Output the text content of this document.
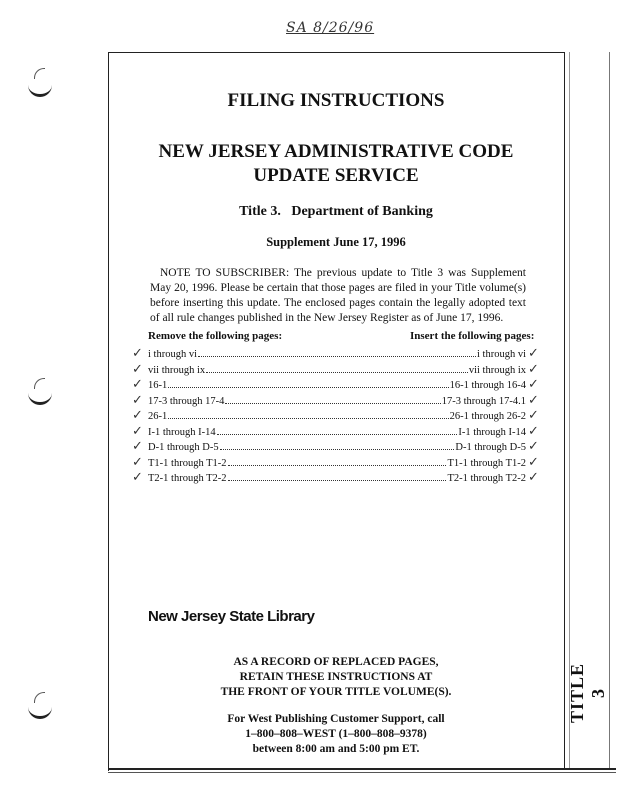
TITLE 3
SA 8/26/96
FILING INSTRUCTIONS
NEW JERSEY ADMINISTRATIVE CODE
UPDATE SERVICE
Title 3.   Department of Banking
Supplement June 17, 1996
NOTE TO SUBSCRIBER: The previous update to Title 3 was Supplement May 20, 1996. Please be certain that those pages are filed in your Title volume(s) before inserting this update. The enclosed pages contain the legally adopted text of all rule changes published in the New Jersey Register as of June 17, 1996.
Remove the following pages:	Insert the following pages:
i through vi	i through vi
✓	✓
vii through ix	vii through ix
✓	✓
16-1	16-1 through 16-4
✓	✓
17-3 through 17-4	17-3 through 17-4.1
✓	✓
26-1	26-1 through 26-2
✓	✓
I-1 through I-14	I-1 through I-14
✓	✓
D-1 through D-5	D-1 through D-5
✓	✓
T1-1 through T1-2	T1-1 through T1-2
✓	✓
T2-1 through T2-2	T2-1 through T2-2
✓	✓
New Jersey State Library
AS A RECORD OF REPLACED PAGES,
RETAIN THESE INSTRUCTIONS AT
THE FRONT OF YOUR TITLE VOLUME(S).
For West Publishing Customer Support, call
1–800–808–WEST (1–800–808–9378)
between 8:00 am and 5:00 pm ET.
